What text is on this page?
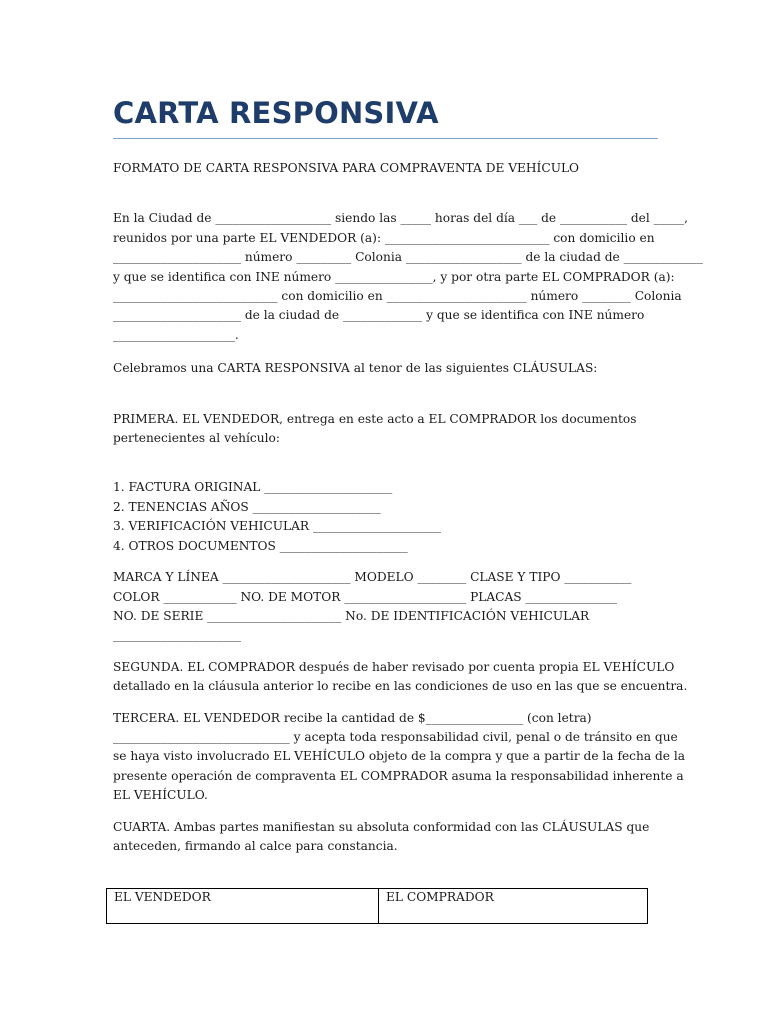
CARTA RESPONSIVA

FORMATO DE CARTA RESPONSIVA PARA COMPRAVENTA DE VEHÍCULO

En la Ciudad de ___________________ siendo las _____ horas del día ___ de ___________ del _____,
reunidos por una parte EL VENDEDOR (a): ___________________________ con domicilio en
_____________________ número _________ Colonia ___________________ de la ciudad de _____________
y que se identifica con INE número ________________, y por otra parte EL COMPRADOR (a):
___________________________ con domicilio en _______________________ número ________ Colonia
_____________________ de la ciudad de _____________ y que se identifica con INE número
____________________.

Celebramos una CARTA RESPONSIVA al tenor de las siguientes CLÁUSULAS:

PRIMERA. EL VENDEDOR, entrega en este acto a EL COMPRADOR los documentos
pertenecientes al vehículo:
1. FACTURA ORIGINAL _____________________
2. TENENCIAS AÑOS _____________________
3. VERIFICACIÓN VEHICULAR _____________________
4. OTROS DOCUMENTOS _____________________
MARCA Y LÍNEA _____________________ MODELO ________ CLASE Y TIPO ___________
COLOR ____________ NO. DE MOTOR ____________________ PLACAS _______________
NO. DE SERIE ______________________ No. DE IDENTIFICACIÓN VEHICULAR
_____________________
SEGUNDA. EL COMPRADOR después de haber revisado por cuenta propia EL VEHÍCULO
detallado en la cláusula anterior lo recibe en las condiciones de uso en las que se encuentra.
TERCERA. EL VENDEDOR recibe la cantidad de $________________ (con letra)
_____________________________ y acepta toda responsabilidad civil, penal o de tránsito en que
se haya visto involucrado EL VEHÍCULO objeto de la compra y que a partir de la fecha de la
presente operación de compraventa EL COMPRADOR asuma la responsabilidad inherente a
EL VEHÍCULO.
CUARTA. Ambas partes manifiestan su absoluta conformidad con las CLÁUSULAS que
anteceden, firmando al calce para constancia.
EL VENDEDOR	EL COMPRADOR
